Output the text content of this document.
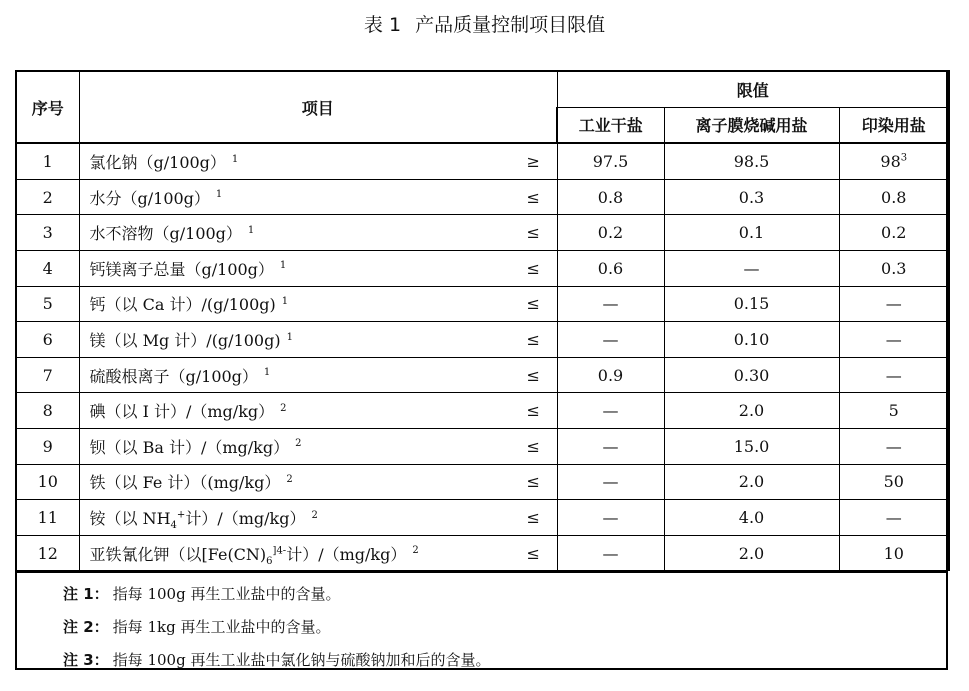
表 1 产品质量控制项目限值
序号	项目		限值		
			工业干盐	离子膜烧碱用盐	印染用盐
1	氯化钠（g/100g） $^1$	≥	97.5	98.5	$98^3$
2	水分（g/100g） $^1$	≤	0.8	0.3	0.8
3	水不溶物（g/100g） $^1$	≤	0.2	0.1	0.2
4	钙镁离子总量（g/100g） $^1$	≤	0.6	—	0.3
5	钙（以 Ca 计）/(g/100g) $^1$	≤	—	0.15	—
6	镁（以 Mg 计）/(g/100g) $^1$	≤	—	0.10	—
7	硫酸根离子（g/100g） $^1$	≤	0.9	0.30	—
8	碘（以 I 计）/（mg/kg） $^2$	≤	—	2.0	5
9	钡（以 Ba 计）/（mg/kg） $^2$	≤	—	15.0	—
10	铁（以 Fe 计）（(mg/kg） $^2$	≤	—	2.0	50
11	铵（以 $NH_4^+$计）/（mg/kg） $^2$	≤	—	4.0	—
12	亚铁氰化钾（以[$Fe(CN)_6^{]4-}$计）/（mg/kg） $^2$	≤	—	2.0	10
注 1： 指每 100g 再生工业盐中的含量。
注 2： 指每 1kg 再生工业盐中的含量。
注 3： 指每 100g 再生工业盐中氯化钠与硫酸钠加和后的含量。
